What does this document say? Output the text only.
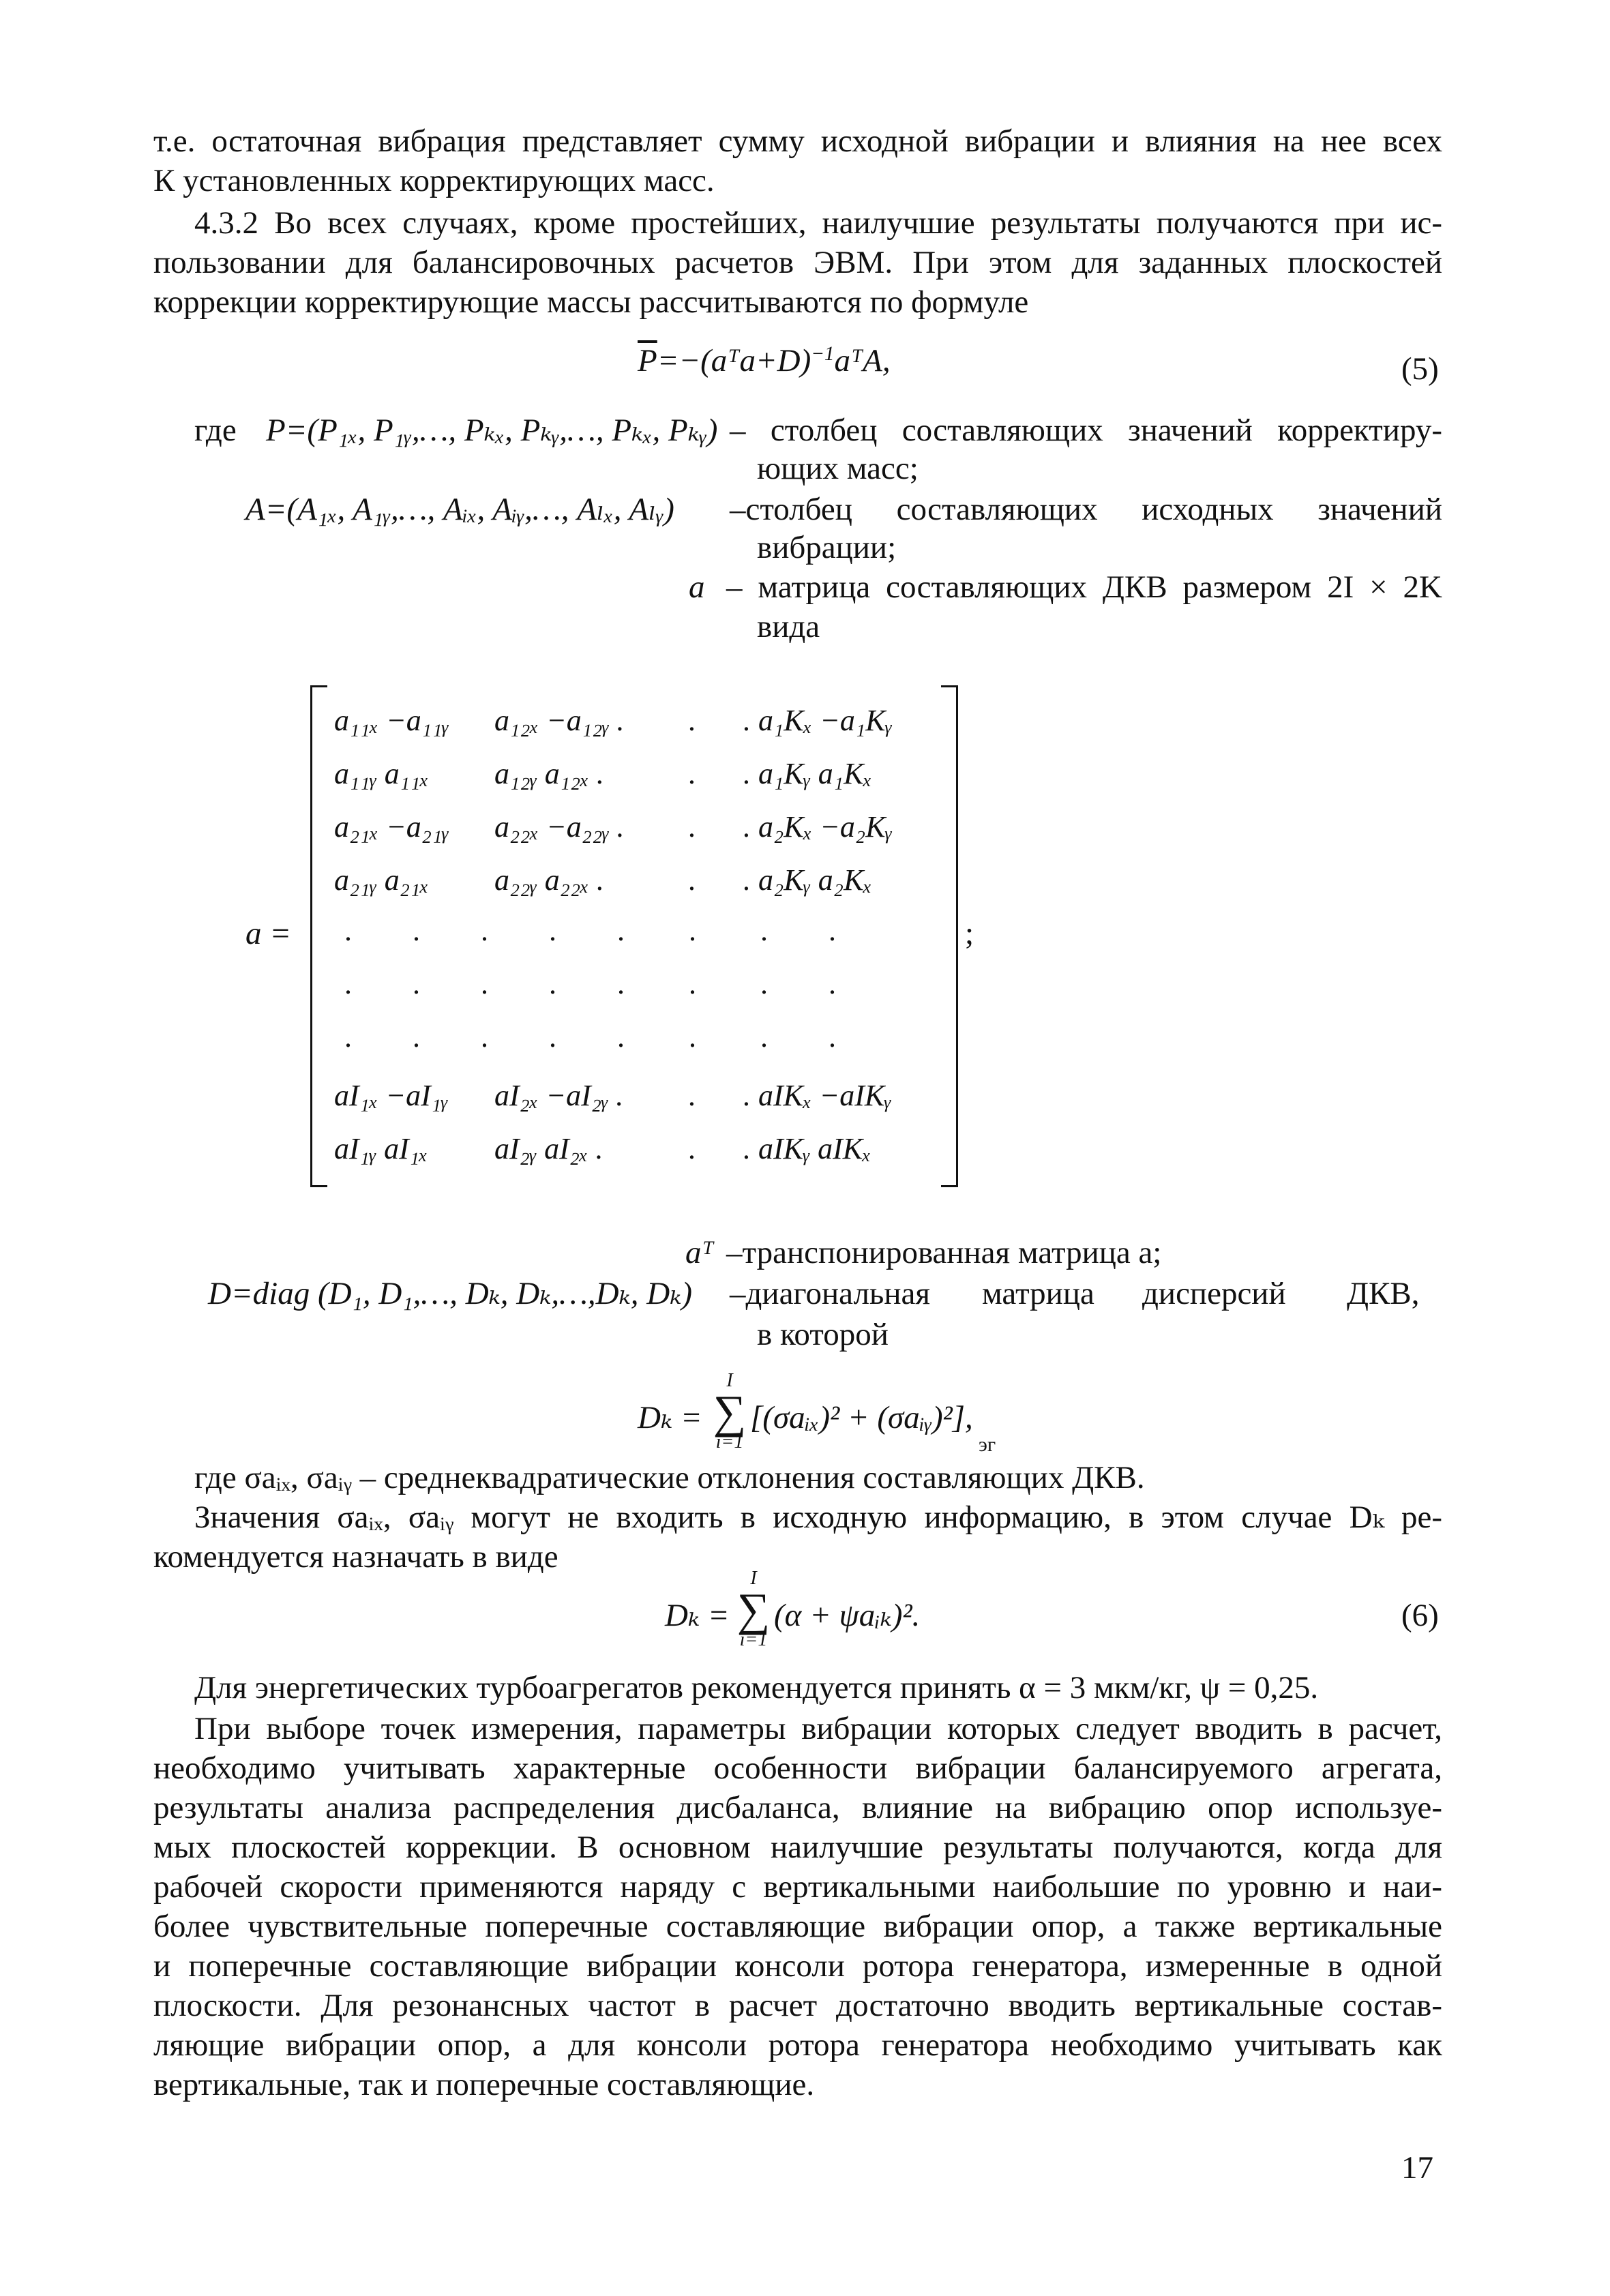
т.е. остаточная вибрация представляет сумму исходной вибрации и влияния на нее всех
К установленных корректирующих масс.
4.3.2 Во всех случаях, кроме простейших, наилучшие результаты получаются при ис-
пользовании для балансировочных расчетов ЭВМ. При этом для заданных плоскостей
коррекции корректирующие массы рассчитываются по формуле
$\overline{P}=-(aᵀa+D)^{-1}aᵀA$,	(5)
где P=(P₁ₓ, P₁ᵧ,…, Pₖₓ, Pₖᵧ,…, Pₖₓ, Pₖᵧ) – столбец составляющих значений корректиру-
ющих масс;
A=(A₁ₓ, A₁ᵧ,…, Aᵢₓ, Aᵢᵧ,…, Aₗₓ, Aₗᵧ) –столбец составляющих исходных значений
вибрации;
a – матрица составляющих ДКВ размером 2I × 2K
вида
a =
a₁₁ₓ −a₁₁ᵧ a₁₂ₓ −a₁₂ᵧ . . . a₁Kₓ −a₁Kᵧ
a₁₁ᵧ a₁₁ₓ a₁₂ᵧ a₁₂ₓ .	. . a₁Kᵧ a₁Kₓ
a₂₁ₓ −a₂₁ᵧ a₂₂ₓ −a₂₂ᵧ . . . a₂Kₓ −a₂Kᵧ
a₂₁ᵧ a₂₁ₓ a₂₂ᵧ a₂₂ₓ .	. . a₂Kᵧ a₂Kₓ
. . . . . . . .
. . . . . . . .
. . . . . . . .
aI₁ₓ −aI₁ᵧ aI₂ₓ −aI₂ᵧ . . . aIKₓ −aIKᵧ
aI₁ᵧ aI₁ₓ aI₂ᵧ aI₂ₓ .	. . aIKᵧ aIKₓ
;
aᵀ –транспонированная матрица a;
D=diag (D₁, D₁,…, Dₖ, Dₖ,…,Dₖ, Dₖ) –диагональная матрица дисперсий ДКВ,
в которой
Dₖ =
I
∑
i=1
[(σaᵢₓ)² + (σaᵢᵧ)²],
эг
где σaᵢₓ, σaᵢᵧ – среднеквадратические отклонения составляющих ДКВ.
Значения σaᵢₓ, σaᵢᵧ могут не входить в исходную информацию, в этом случае Dₖ ре-
комендуется назначать в виде
Dₖ =
I
∑
i=1
(α + ψaᵢₖ)².	(6)
Для энергетических турбоагрегатов рекомендуется принять α = 3 мкм/кг, ψ = 0,25.
При выборе точек измерения, параметры вибрации которых следует вводить в расчет,
необходимо учитывать характерные особенности вибрации балансируемого агрегата,
результаты анализа распределения дисбаланса, влияние на вибрацию опор используе-
мых плоскостей коррекции. В основном наилучшие результаты получаются, когда для
рабочей скорости применяются наряду с вертикальными наибольшие по уровню и наи-
более чувствительные поперечные составляющие вибрации опор, а также вертикальные
и поперечные составляющие вибрации консоли ротора генератора, измеренные в одной
плоскости. Для резонансных частот в расчет достаточно вводить вертикальные состав-
ляющие вибрации опор, а для консоли ротора генератора необходимо учитывать как
вертикальные, так и поперечные составляющие.
17
